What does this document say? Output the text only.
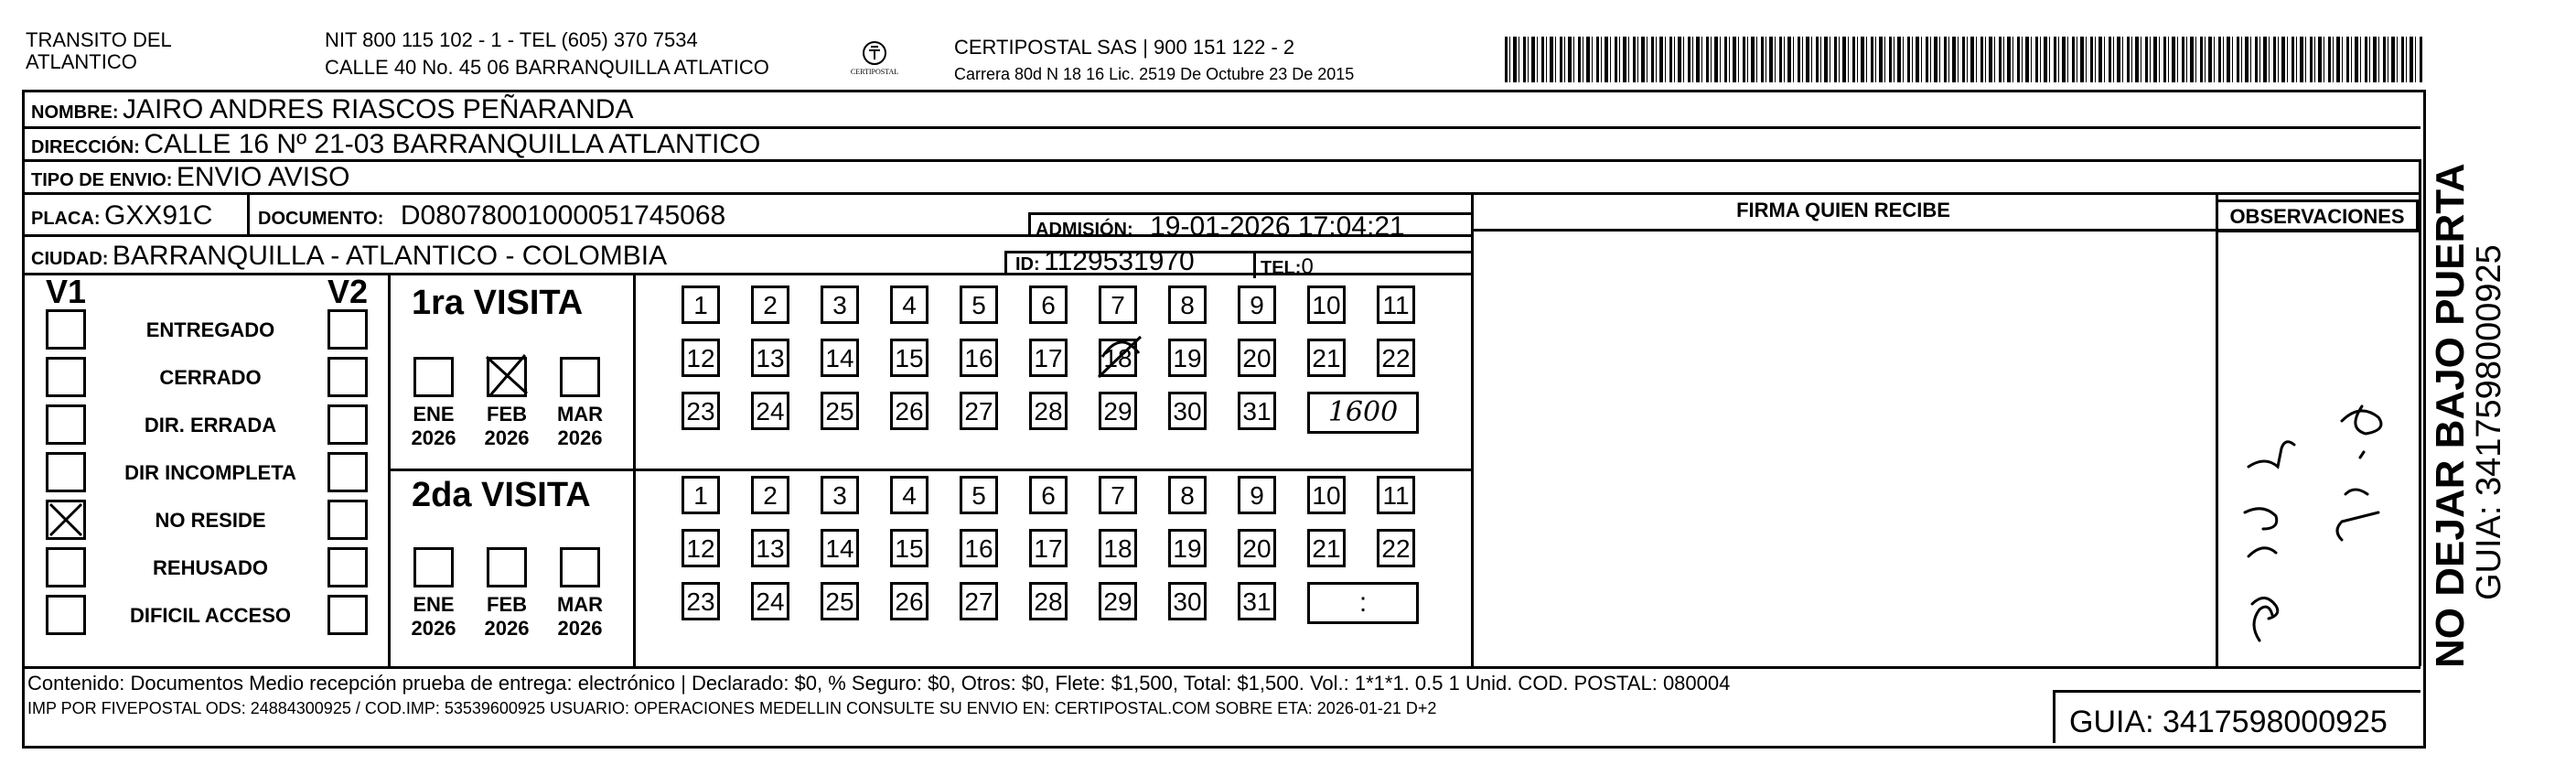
TRANSITO DEL
ATLANTICO
NIT 800 115 102 - 1 - TEL (605) 370 7534
CALLE 40 No. 45 06 BARRANQUILLA ATLATICO	CERTIPOSTAL
CERTIPOSTAL SAS | 900 151 122 - 2
Carrera 80d N 18 16 Lic. 2519 De Octubre 23 De 2015
NOMBRE: JAIRO ANDRES RIASCOS PEÑARANDA
DIRECCIÓN: CALLE 16 Nº 21-03 BARRANQUILLA ATLANTICO
TIPO DE ENVIO: ENVIO AVISO
FIRMA QUIEN RECIBE	OBSERVACIONES
PLACA: GXX91C DOCUMENTO: D08078001000051745068	ADMISIÓN: 19-01-2026 17:04:21
CIUDAD: BARRANQUILLA - ATLANTICO - COLOMBIA	ID: 1129531970	TEL:0
V1	V2
ENTREGADO
CERRADO
DIR. ERRADA
DIR INCOMPLETA
NO RESIDE
REHUSADO
DIFICIL ACCESO
1ra VISITA
2da VISITA
ENE
2026
FEB
2026
MAR
2026
1	2	3	4	5	6	7	8	9	10 11
12 13 14 15 16 17 18 19 20 21 22
23 24 25 26 27 28 29 30 31	1600
ENE
2026
FEB
2026
MAR
2026
1	2	3	4	5	6	7	8	9	10 11
12 13 14 15 16 17 18 19 20 21 22
23 24 25 26 27 28 29 30 31	:	NO DEJAR BAJO PUERTA
GUIA: 3417598000925
Contenido: Documentos Medio recepción prueba de entrega: electrónico | Declarado: $0, % Seguro: $0, Otros: $0, Flete: $1,500, Total: $1,500. Vol.: 1*1*1. 0.5 1 Unid. COD. POSTAL: 080004
IMP POR FIVEPOSTAL ODS: 24884300925 / COD.IMP: 53539600925 USUARIO: OPERACIONES MEDELLIN CONSULTE SU ENVIO EN: CERTIPOSTAL.COM SOBRE ETA: 2026-01-21 D+2	GUIA: 3417598000925
